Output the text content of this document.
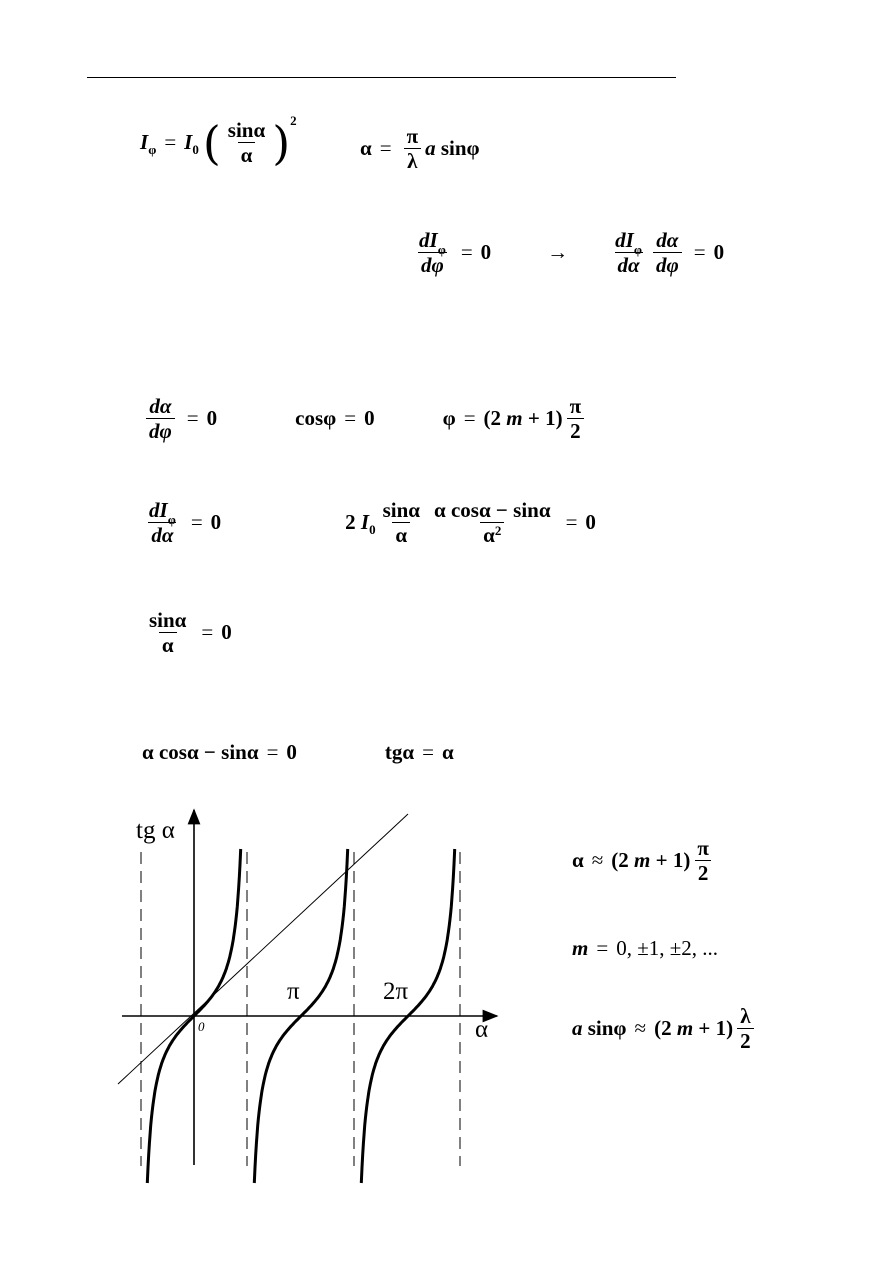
I φ = I 0 ( $\frac{\sin\alpha}{\alpha}$ ) 2
$\alpha = \frac{\pi}{\lambda}$ a
sinφ
$\frac{dI_\varphi}{d\varphi} = 0$	→ $\frac{dI_\varphi}{d\alpha} \frac{d\alpha}{d\varphi} = 0$
$\frac{d\alpha}{d\varphi} = 0$	cosφ = 0	φ = (2
m
+ $1) \frac{\pi}{2}$
$\frac{dI_\varphi}{d\alpha} = 0$	2
I $0 \frac{\sin\alpha}{\alpha} \frac{\text{α cosα − sinα}}{\alpha^2} = 0$
$\frac{\sin\alpha}{\alpha} = 0$
α cosα − sinα = 0	tgα = α
tg α
α
0
π	2π
α ≈ (2
m
+ $1) \frac{\pi}{2}$
m = 0, ±1, ±2, ...
a
sinφ ≈ (2
m
+ $1) \frac{\lambda}{2}$
